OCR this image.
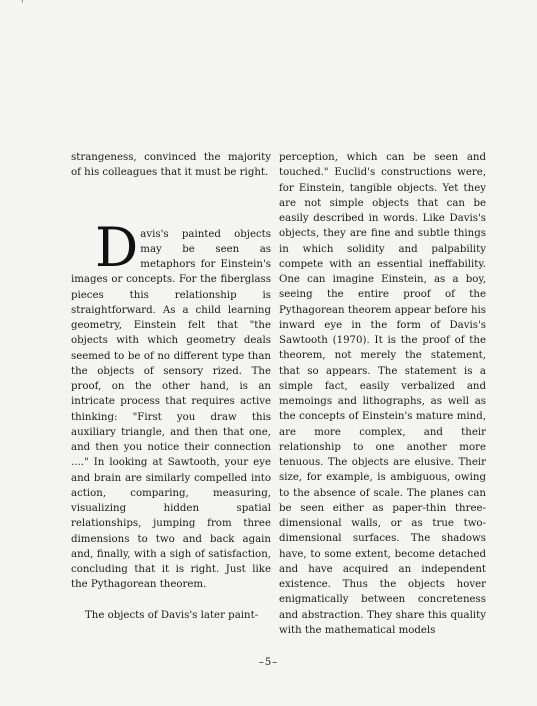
'

strangeness, convinced the majority of his colleagues that it must be right.

Davis's painted objects may be seen as metaphors for Einstein's images or concepts. For the fiberglass pieces this relationship is straightforward. As a child learning geometry, Einstein felt that "the objects with which geometry deals seemed to be of no different type than the objects of sensory rized. The proof, on the other hand, is an intricate process that requires active thinking: "First you draw this auxiliary triangle, and then that one, and then you notice their connection ...." In looking at Sawtooth, your eye and brain are similarly compelled into action, comparing, measuring, visualizing hidden spatial relationships, jumping from three dimensions to two and back again and, finally, with a sigh of satisfaction, concluding that it is right. Just like the Pythagorean theorem.

The objects of Davis's later paint-

perception, which can be seen and touched." Euclid's constructions were, for Einstein, tangible objects. Yet they are not simple objects that can be easily described in words. Like Davis's objects, they are fine and subtle things in which solidity and palpability compete with an essential ineffability. One can imagine Einstein, as a boy, seeing the entire proof of the Pythagorean theorem appear before his inward eye in the form of Davis's Sawtooth (1970). It is the proof of the theorem, not merely the statement, that so appears. The statement is a simple fact, easily verbalized and memoings and lithographs, as well as the concepts of Einstein's mature mind, are more complex, and their relationship to one another more tenuous. The objects are elusive. Their size, for example, is ambiguous, owing to the absence of scale. The planes can be seen either as paper-thin three-dimensional walls, or as true two-dimensional surfaces. The shadows have, to some extent, become detached and have acquired an independent existence. Thus the objects hover enigmatically between concreteness and abstraction. They share this quality with the mathematical models

–5–
